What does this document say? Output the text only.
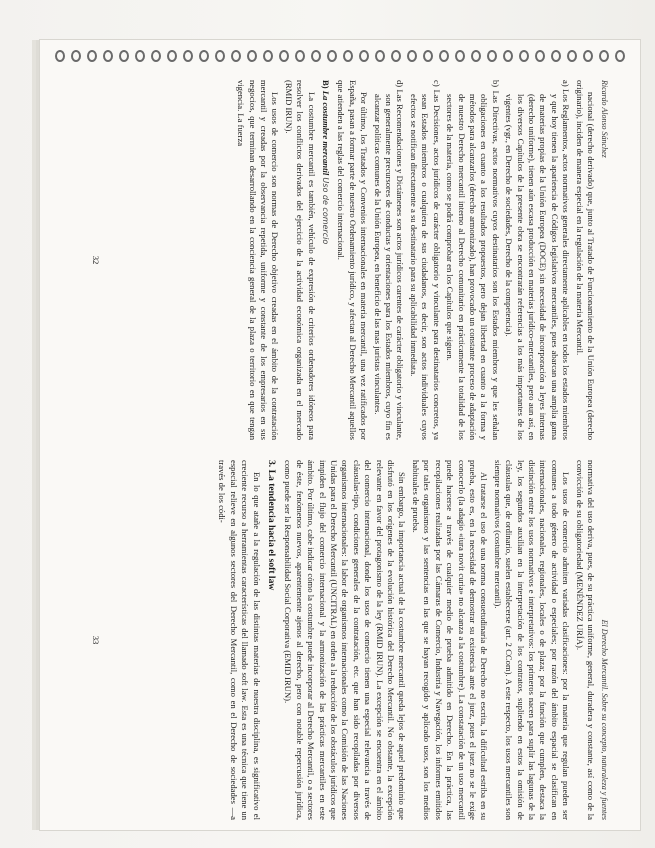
Ricardo Alonso Sánchez

nacional (derecho derivado) que, junto al Tratado de Funcionamiento de la Unión Europea (derecho originario), inciden de manera especial en la regulación de la materia Mercantil.

a) Los Reglamentos, actos normativos generales directamente aplicables en todos los estados miembros y que hoy tienen la apariencia de Códigos legislativos mercantiles, pues abarcan una amplia gama de materias propias de la Unión Europea (DOCE) sin necesidad de incorporación a leyes internas (derecho uniforme), tienen aún escasa producción en materias jurídico-mercantiles, pero aun así, en los diversos Capítulos de la presente obra se encontrarán referencias a los más importantes de los vigentes (vgr., en Derecho de sociedades, Derecho de la competencia).

b) Las Directivas, actos normativos cuyos destinatarios son los Estados miembros y que les señalan obligaciones en cuanto a los resultados propuestos, pero dejan libertad en cuanto a la forma y métodos para alcanzarlos (derecho armonizado), han provocado un constante proceso de adaptación de nuestro Derecho mercantil interno al Derecho comunitario en prácticamente la totalidad de los sectores de la materia, como se podrá comprobar en los Capítulos que siguen.

c) Las Decisiones, actos jurídicos de carácter obligatorio y vinculante para destinatarios concretos, ya sean Estados miembros o cualquiera de sus ciudadanos, es decir, son actos individuales cuyos efectos se notifican directamente a su destinatario para su aplicabilidad inmediata.

d) Las Recomendaciones y Dictámenes son actos jurídicos carentes de carácter obligatorio y vinculante, son generalmente precursores de conductas y orientaciones para los Estados miembros, cuyo fin es alcanzar políticas comunes de la Unión Europea, en beneficio de las mas juristas vinculantes.

Por último, los Tratados y Convenios internacionales en materia mercantil, una vez ratificados por España, pasan a formar parte de nuestro Ordenamiento jurídico, y afectan al Derecho Mercantil aquellos que atienden a las reglas del comercio internacional.

B) La costumbre mercantil Uso de comercio

La costumbre mercantil es también, vehículo de expresión de criterios ordenadores idóneos para resolver los conflictos derivados del ejercicio de la actividad económica organizada en el mercado (RMID IRUN).

Los usos de comercio son normas de Derecho objetivo creadas en el ámbito de la contratación mercantil y creadas por la observancia repetida, uniforme y constante de los empresarios en sus negocios, que terminan desarrollando en la conciencia general de la plaza o territorio en que tengan vigencia. La fuerza

32
El Derecho Mercantil. Sobre su concepto, naturaleza y fuentes

normativa del uso deriva, pues, de su práctica uniforme, general, duradera y constante, así como de la convicción de su obligatoriedad (MENÉNDEZ URÍA).

Los usos de comercio admiten variadas clasificaciones: por la materia que regulan pueden ser comunes a todo género de actividad o especiales; por razón del ámbito espacial se clasifican en internacionales, nacionales, regionales, locales o de plaza; por la función que cumplen, destaca la distinción entre los usos normativos e interpretativos: los primeros nacen para suplir las lagunas de la ley, los segundos auxilian en la interpretación de los contratos, supliendo en estos la omisión de cláusulas que, de ordinario, suelen establecerse (art. 2 CCom). A este respecto, los usos mercantiles son siempre normativos (costumbre mercantil).

Al tratarse el uso de una norma consuetudinaria de Derecho no escrita, la dificultad estriba en su prueba, esto es, en la necesidad de demostrar su existencia ante el juez, pues el juez no se le exige conocerlo (la adagio «iura novit curia» no alcanza a la costumbre). La constatación de un uso mercantil puede hacerse a través de cualquier medio de prueba admitido en Derecho. En la práctica, las recopilaciones realizadas por las Cámaras de Comercio, Industria y Navegación, los informes emitidos por tales organismos y las sentencias en las que se hayan recogido y aplicado usos, son los medios habituales de prueba.

Sin embargo, la importancia actual de la costumbre mercantil queda lejos de aquel predominio que disfrutó en los orígenes de la evolución histórica del Derecho Mercantil. No obstante, la excepción relevante en favor del protagonismo de la ley (RMID IRUN). La excepción se encuentra en el ámbito del comercio internacional, donde los usos de comercio tienen una especial relevancia a través de cláusulas-tipo, condiciones generales de la contratación, etc. que han sido recopiladas por diversos organismos internacionales: la labor de organismos internacionales como la Comisión de las Naciones Unidas para el Derecho Mercantil (UNCITRAL) en orden a la reducción de los obstáculos jurídicos que impiden el flujo del comercio internacional y la armonización de las prácticas mercantiles en este ámbito. Por último, cabe indicar cómo la costumbre puede incorporar al Derecho Mercantil, o a sectores de éste, fenómenos nuevos, aparentemente ajenos al derecho, pero con notable repercusión jurídica, como puede ser la Responsabilidad Social Corporativa (EMID IRUN).

3. La tendencia hacia el soft law

En lo que atañe a la regulación de las distintas materias de nuestra disciplina, es significativo el creciente recurso a herramientas características del llamado soft law. Esta es una técnica que tiene un especial relieve en algunos sectores del Derecho Mercantil, como en el Derecho de sociedades —a través de los códi-

33
